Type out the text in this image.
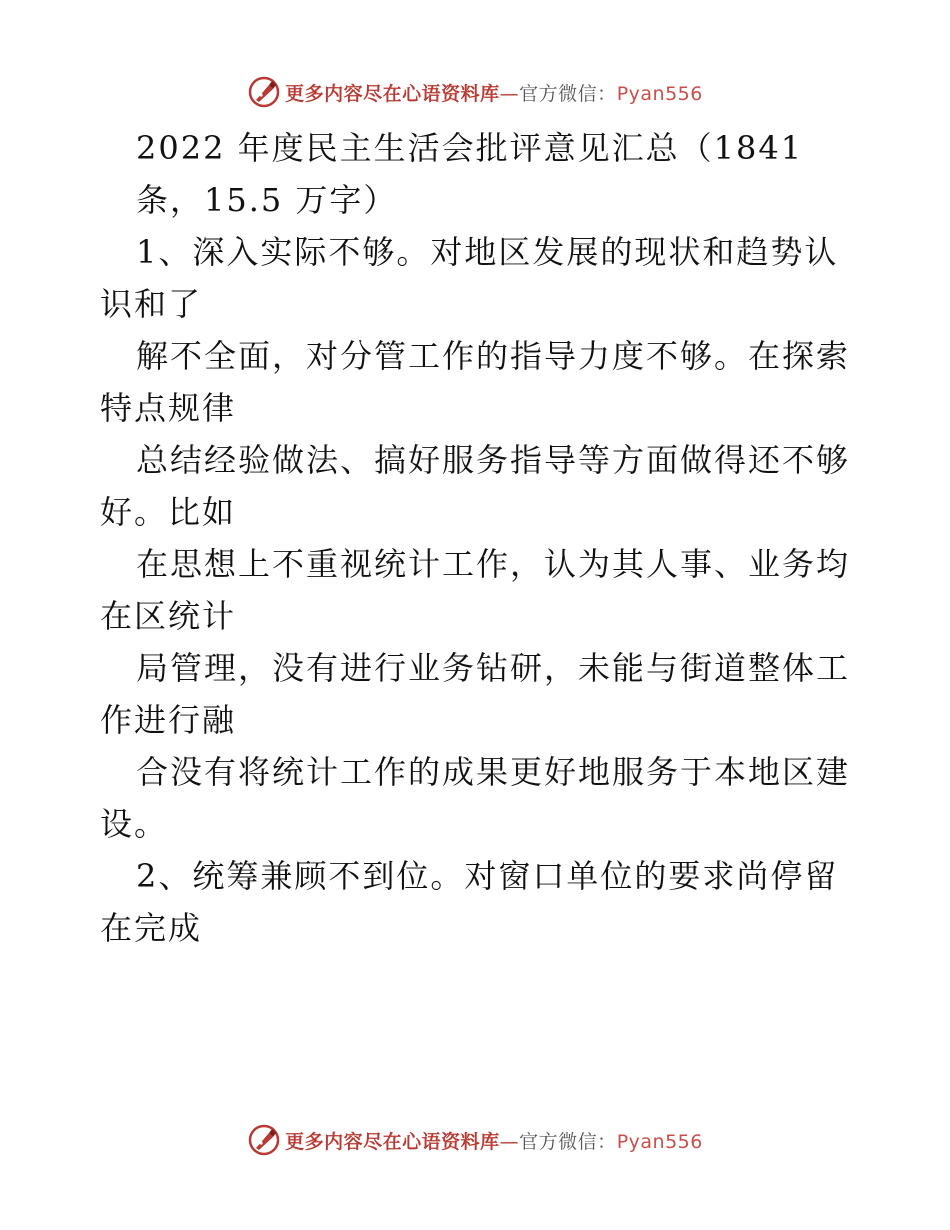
更多内容尽在心语资料库—官方微信：Pyan556
2022 年度民主生活会批评意见汇总（1841
条，15.5 万字）
1、深入实际不够。对地区发展的现状和趋势认
识和了
解不全面，对分管工作的指导力度不够。在探索
特点规律
总结经验做法、搞好服务指导等方面做得还不够
好。比如
在思想上不重视统计工作，认为其人事、业务均
在区统计
局管理，没有进行业务钻研，未能与街道整体工
作进行融
合没有将统计工作的成果更好地服务于本地区建
设。
2、统筹兼顾不到位。对窗口单位的要求尚停留
在完成
更多内容尽在心语资料库—官方微信：Pyan556
